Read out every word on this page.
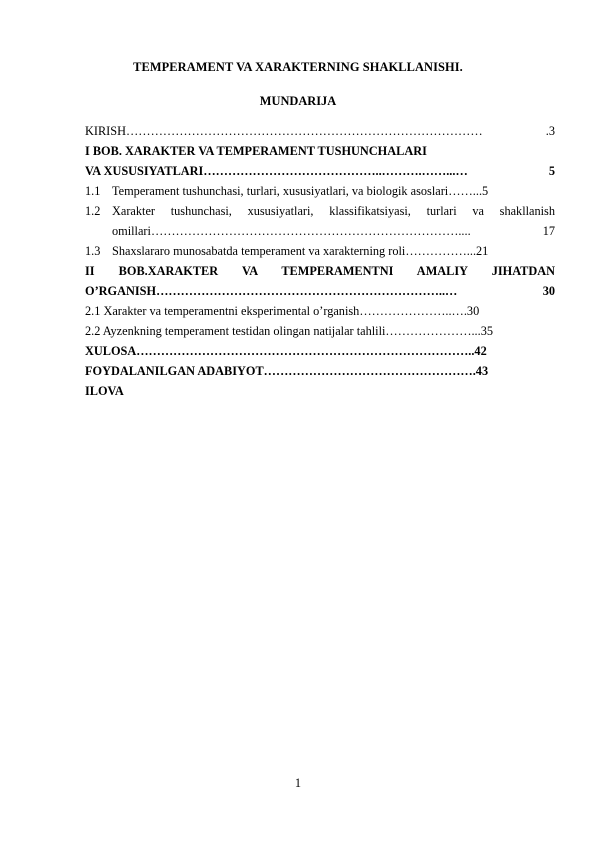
TEMPERAMENT VA XARAKTERNING SHAKLLANISHI.
MUNDARIJA
KIRISH ……………………………………………………………………………	.3
I BOB. XARAKTER VA TEMPERAMENT TUSHUNCHALARI
VA XUSUSIYATLARI ……………………………………..……….……...…	5
1.1 Temperament tushunchasi, turlari, xususiyatlari, va biologik asoslari ……... 5
1.2 Xarakter tushunchasi, xususiyatlari, klassifikatsiyasi, turlari va shakllanish
omillari …………………………………………………………………....	17
1.3 Shaxslararo munosabatda temperament va xarakterning roli ……………... 21
II BOB.XARAKTER VA TEMPERAMENTNI AMALIY JIHATDAN
O’RGANISH ……………………………………………………………..…	30
2.1 Xarakter va temperamentni eksperimental o’rganish …………………..…. 30
2.2 Ayzenkning temperament testidan olingan natijalar tahlili ………………….. .35
XULOSA ……………………………………………………………………….. 42
FOYDALANILGAN ADABIYOT ……………………………………………. 43
ILOVA
1
